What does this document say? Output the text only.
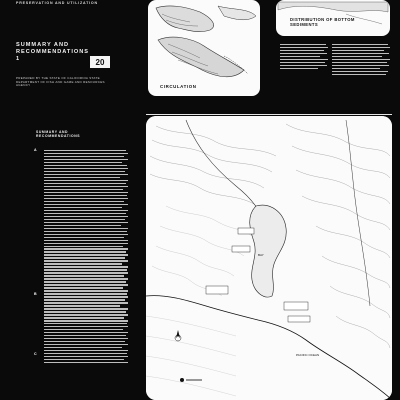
PRESERVATION AND UTILIZATION
SUMMARY AND RECOMMENDATIONS
1	20
PREPARED BY THE STATE OF CALIFORNIA STATE DEPARTMENT OF FISH AND GAME AND RESOURCES AGENCY	CIRCULATION
DISTRIBUTION OF BOTTOM SEDIMENTS
SUMMARY AND RECOMMENDATIONS
A
B
C
BAY
PACIFIC OCEAN
